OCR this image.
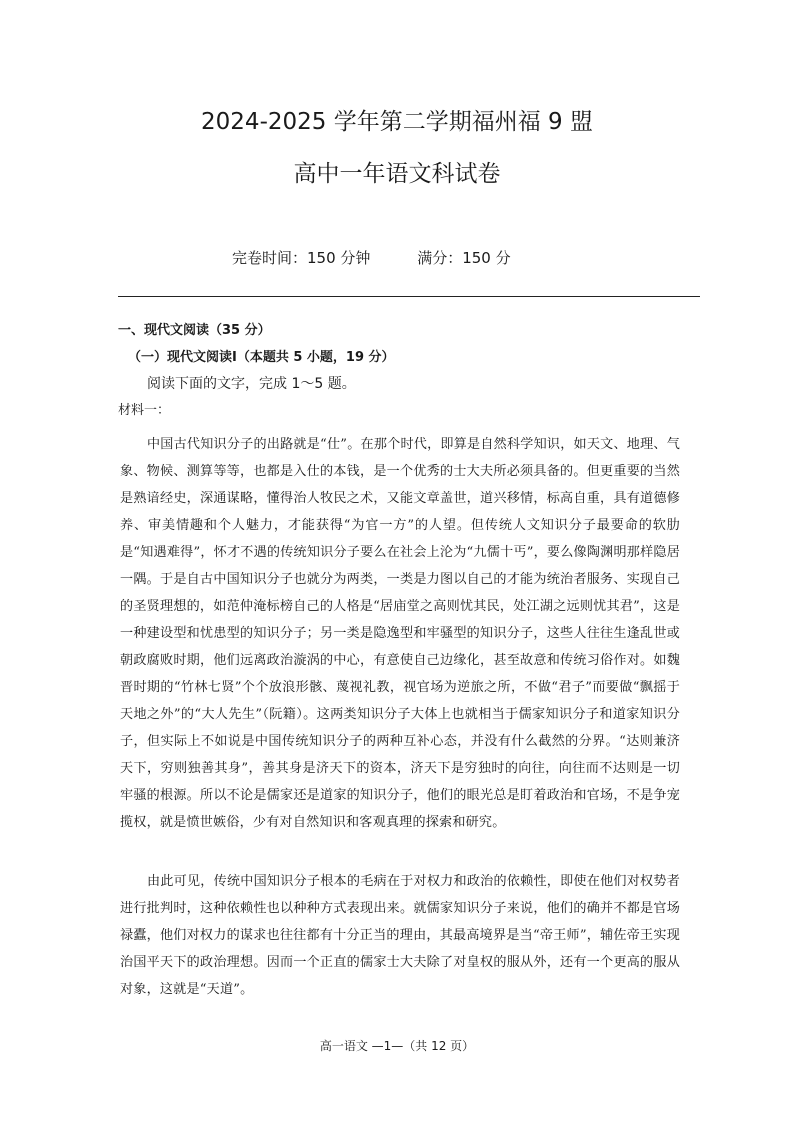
2024-2025 学年第二学期福州福 9 盟
高中一年语文科试卷
完卷时间：150 分钟	满分：150 分
一、现代文阅读（35 分）
（一）现代文阅读Ⅰ（本题共 5 小题，19 分）
阅读下面的文字，完成 1～5 题。
材料一：

中国古代知识分子的出路就是“仕”。在那个时代，即算是自然科学知识，如天文、地理、气象、物候、测算等等，也都是入仕的本钱，是一个优秀的士大夫所必须具备的。但更重要的当然是熟谙经史，深通谋略，懂得治人牧民之术，又能文章盖世，道兴移情，标高自重，具有道德修养、审美情趣和个人魅力，才能获得“为官一方”的人望。但传统人文知识分子最要命的软肋是“知遇难得”，怀才不遇的传统知识分子要么在社会上沦为“九儒十丐”，要么像陶渊明那样隐居一隅。于是自古中国知识分子也就分为两类，一类是力图以自己的才能为统治者服务、实现自己的圣贤理想的，如范仲淹标榜自己的人格是“居庙堂之高则忧其民，处江湖之远则忧其君”，这是一种建设型和忧患型的知识分子；另一类是隐逸型和牢骚型的知识分子，这些人往往生逢乱世或朝政腐败时期，他们远离政治漩涡的中心，有意使自己边缘化，甚至故意和传统习俗作对。如魏晋时期的“竹林七贤”个个放浪形骸、蔑视礼教，视官场为逆旅之所，不做“君子”而要做“飘摇于天地之外”的“大人先生”（阮籍）。这两类知识分子大体上也就相当于儒家知识分子和道家知识分子，但实际上不如说是中国传统知识分子的两种互补心态，并没有什么截然的分界。“达则兼济天下，穷则独善其身”，善其身是济天下的资本，济天下是穷独时的向往，向往而不达则是一切牢骚的根源。所以不论是儒家还是道家的知识分子，他们的眼光总是盯着政治和官场，不是争宠揽权，就是愤世嫉俗，少有对自然知识和客观真理的探索和研究。

由此可见，传统中国知识分子根本的毛病在于对权力和政治的依赖性，即使在他们对权势者进行批判时，这种依赖性也以种种方式表现出来。就儒家知识分子来说，他们的确并不都是官场禄蠹，他们对权力的谋求也往往都有十分正当的理由，其最高境界是当“帝王师”，辅佐帝王实现治国平天下的政治理想。因而一个正直的儒家士大夫除了对皇权的服从外，还有一个更高的服从对象，这就是“天道”。

高一语文 —1—（共 12 页）
